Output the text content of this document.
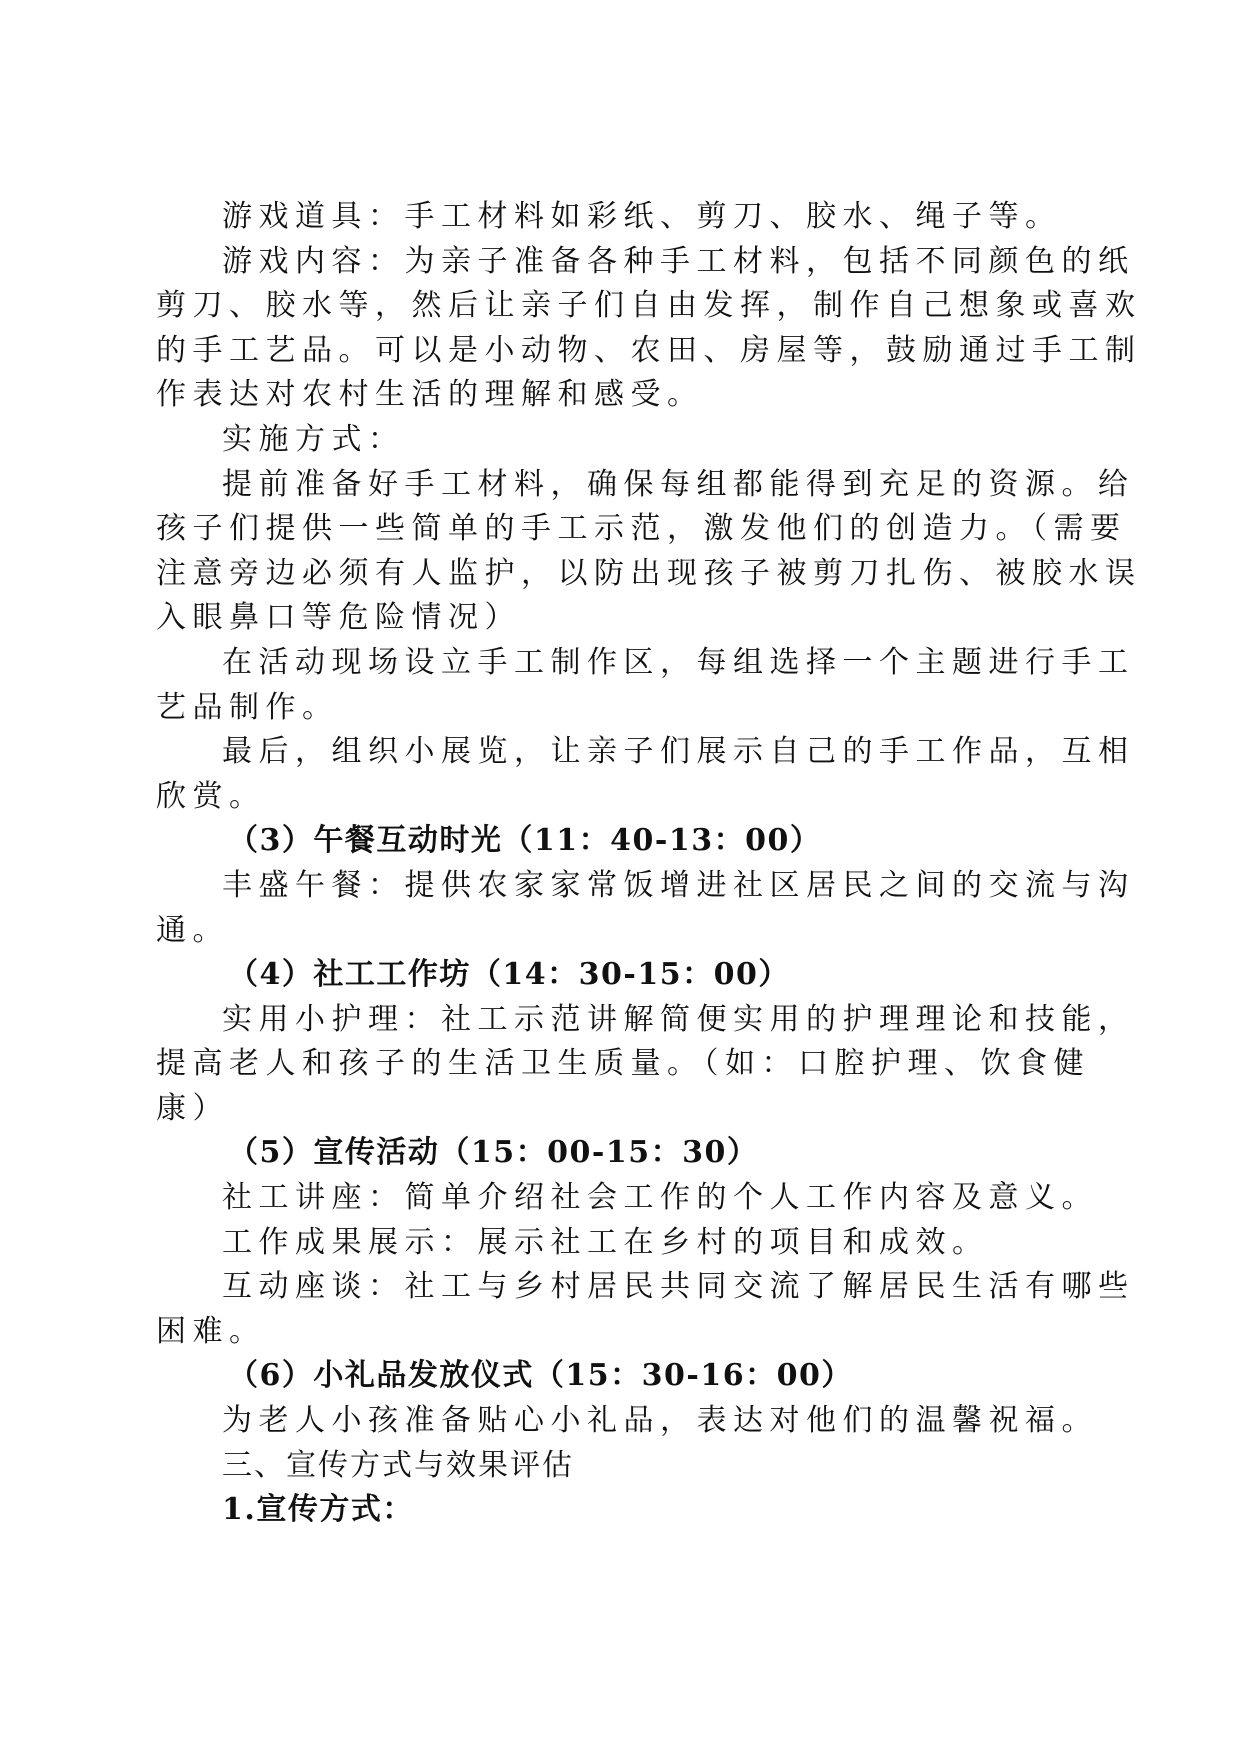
游戏道具：手工材料如彩纸、剪刀、胶水、绳子等。
游戏内容：为亲子准备各种手工材料，包括不同颜色的纸
剪刀、胶水等，然后让亲子们自由发挥，制作自己想象或喜欢
的手工艺品。可以是小动物、农田、房屋等，鼓励通过手工制
作表达对农村生活的理解和感受。
实施方式：
提前准备好手工材料，确保每组都能得到充足的资源。给
孩子们提供一些简单的手工示范，激发他们的创造力。（需要
注意旁边必须有人监护，以防出现孩子被剪刀扎伤、被胶水误
入眼鼻口等危险情况）
在活动现场设立手工制作区，每组选择一个主题进行手工
艺品制作。
最后，组织小展览，让亲子们展示自己的手工作品，互相
欣赏。
（3）午餐互动时光（11：40-13：00）
丰盛午餐：提供农家家常饭增进社区居民之间的交流与沟
通。
（4）社工工作坊（14：30-15：00）
实用小护理：社工示范讲解简便实用的护理理论和技能，
提高老人和孩子的生活卫生质量。（如：口腔护理、饮食健
康）
（5）宣传活动（15：00-15：30）
社工讲座：简单介绍社会工作的个人工作内容及意义。
工作成果展示：展示社工在乡村的项目和成效。
互动座谈：社工与乡村居民共同交流了解居民生活有哪些
困难。
（6）小礼品发放仪式（15：30-16：00）
为老人小孩准备贴心小礼品，表达对他们的温馨祝福。
三、宣传方式与效果评估
1.宣传方式：
